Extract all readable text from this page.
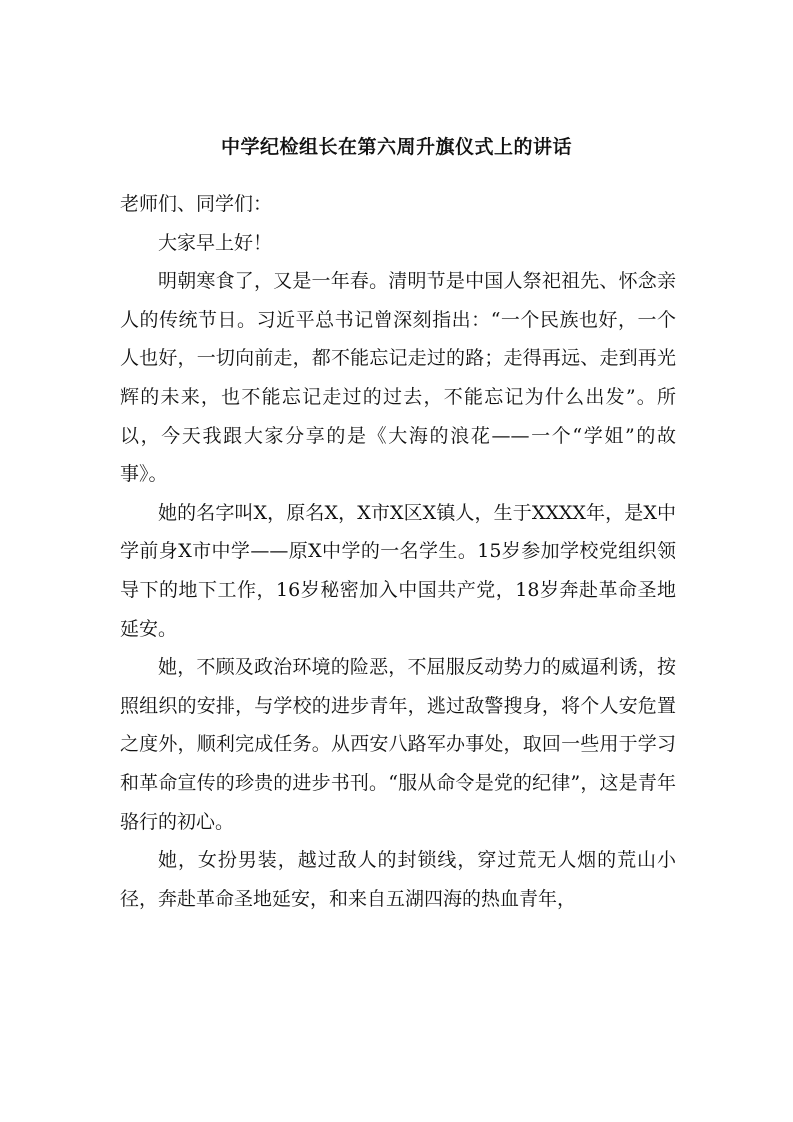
中学纪检组长在第六周升旗仪式上的讲话

老师们、同学们：

大家早上好！

明朝寒食了，又是一年春。清明节是中国人祭祀祖先、怀念亲人的传统节日。习近平总书记曾深刻指出：“一个民族也好，一个人也好，一切向前走，都不能忘记走过的路；走得再远、走到再光辉的未来，也不能忘记走过的过去，不能忘记为什么出发”。所以，今天我跟大家分享的是《大海的浪花——一个“学姐”的故事》。

她的名字叫X，原名X，X市X区X镇人，生于XXXX年，是X中学前身X市中学——原X中学的一名学生。15岁参加学校党组织领导下的地下工作，16岁秘密加入中国共产党，18岁奔赴革命圣地延安。

她，不顾及政治环境的险恶，不屈服反动势力的威逼利诱，按照组织的安排，与学校的进步青年，逃过敌警搜身，将个人安危置之度外，顺利完成任务。从西安八路军办事处，取回一些用于学习和革命宣传的珍贵的进步书刊。“服从命令是党的纪律”，这是青年骆行的初心。

她，女扮男装，越过敌人的封锁线，穿过荒无人烟的荒山小径，奔赴革命圣地延安，和来自五湖四海的热血青年，
